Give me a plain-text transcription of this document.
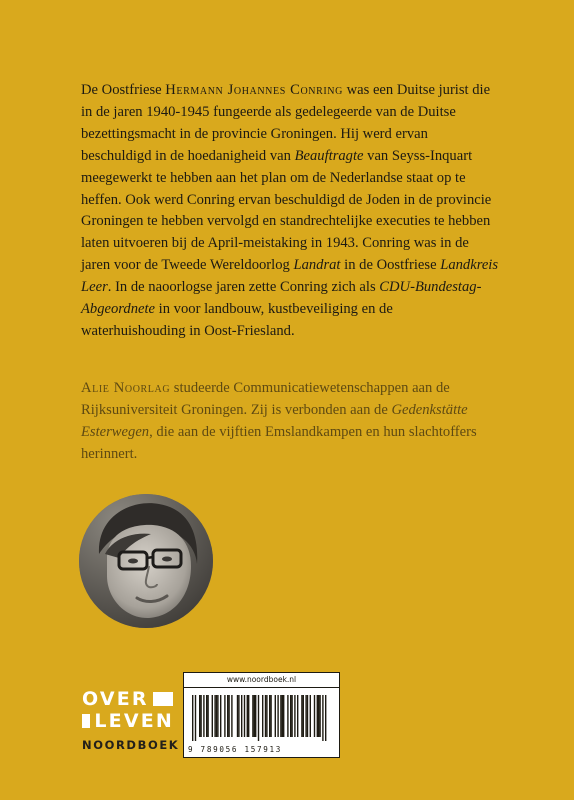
De Oostfriese Hermann Johannes Conring was een Duitse jurist die in de jaren 1940-1945 fungeerde als gedelegeerde van de Duitse bezettingsmacht in de provincie Groningen. Hij werd ervan beschuldigd in de hoedanigheid van Beauftragte van Seyss-Inquart meegewerkt te hebben aan het plan om de Nederlandse staat op te heffen. Ook werd Conring ervan beschuldigd de Joden in de provincie Groningen te hebben vervolgd en standrechtelijke executies te hebben laten uitvoeren bij de April-meistaking in 1943. Conring was in de jaren voor de Tweede Wereldoorlog Landrat in de Oostfriese Landkreis Leer. In de naoorlogse jaren zette Conring zich als CDU-Bundestag-Abgeordnete in voor landbouw, kustbeveiliging en de waterhuishouding in Oost-Friesland.

Alie Noorlag studeerde Communicatiewetenschappen aan de Rijksuniversiteit Groningen. Zij is verbonden aan de Gedenkstätte Esterwegen, die aan de vijftien Emslandkampen en hun slachtoffers herinnert.

OVER
LEVEN
NOORDBOEK
www.noordboek.nl
9 789056 157913
